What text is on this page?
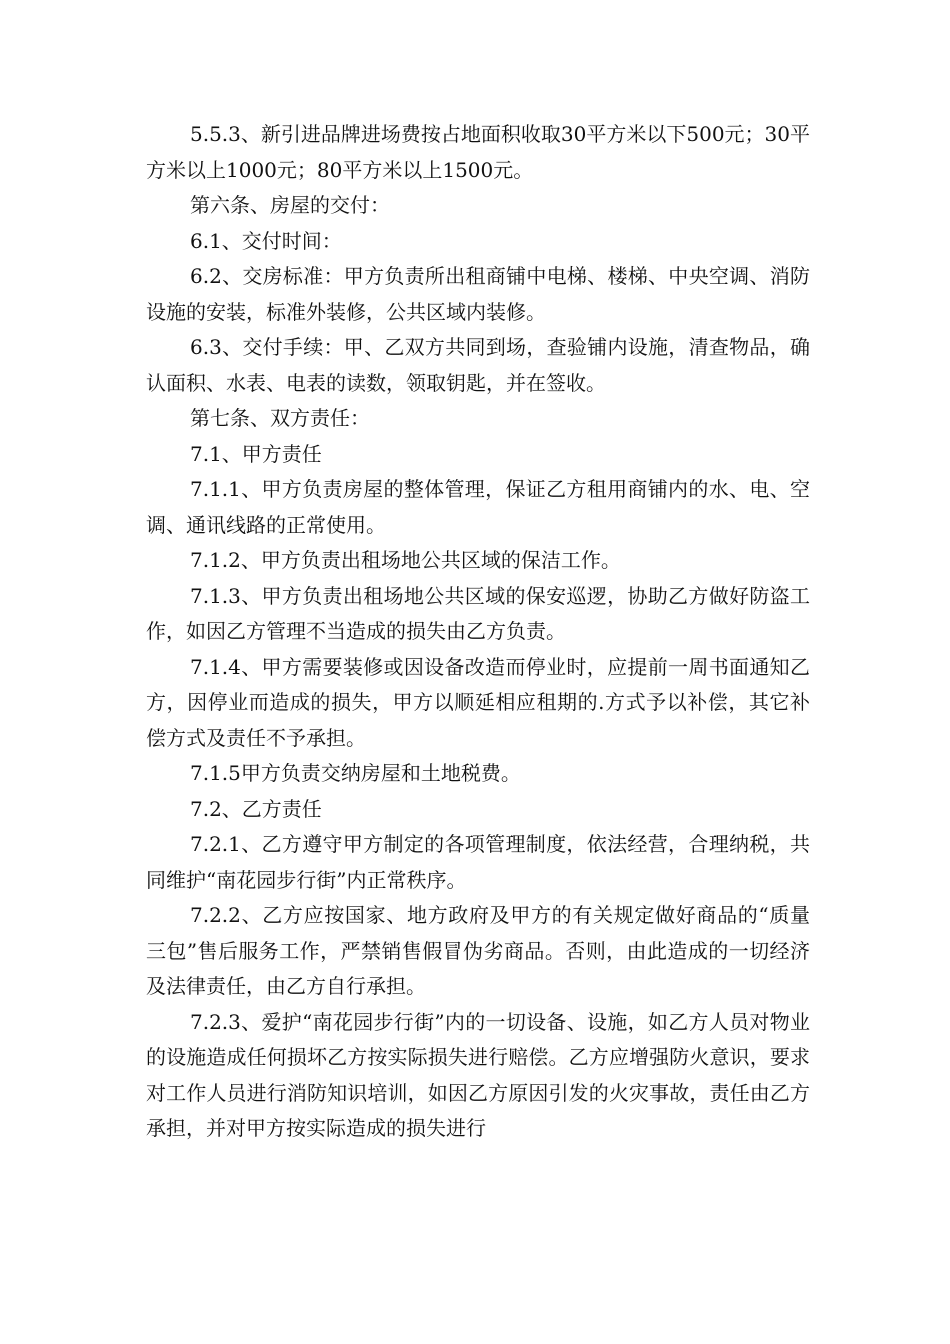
5.5.3、新引进品牌进场费按占地面积收取30平方米以下500元；30平方米以上1000元；80平方米以上1500元。

第六条、房屋的交付：

6.1、交付时间：

6.2、交房标准：甲方负责所出租商铺中电梯、楼梯、中央空调、消防设施的安装，标准外装修，公共区域内装修。

6.3、交付手续：甲、乙双方共同到场，查验铺内设施，清查物品，确认面积、水表、电表的读数，领取钥匙，并在签收。

第七条、双方责任：

7.1、甲方责任

7.1.1、甲方负责房屋的整体管理，保证乙方租用商铺内的水、电、空调、通讯线路的正常使用。

7.1.2、甲方负责出租场地公共区域的保洁工作。

7.1.3、甲方负责出租场地公共区域的保安巡逻，协助乙方做好防盗工作，如因乙方管理不当造成的损失由乙方负责。

7.1.4、甲方需要装修或因设备改造而停业时，应提前一周书面通知乙方，因停业而造成的损失，甲方以顺延相应租期的.方式予以补偿，其它补偿方式及责任不予承担。

7.1.5甲方负责交纳房屋和土地税费。

7.2、乙方责任

7.2.1、乙方遵守甲方制定的各项管理制度，依法经营，合理纳税，共同维护“南花园步行街”内正常秩序。

7.2.2、乙方应按国家、地方政府及甲方的有关规定做好商品的“质量三包”售后服务工作，严禁销售假冒伪劣商品。否则，由此造成的一切经济及法律责任，由乙方自行承担。

7.2.3、爱护“南花园步行街”内的一切设备、设施，如乙方人员对物业的设施造成任何损坏乙方按实际损失进行赔偿。乙方应增强防火意识，要求对工作人员进行消防知识培训，如因乙方原因引发的火灾事故，责任由乙方承担，并对甲方按实际造成的损失进行
